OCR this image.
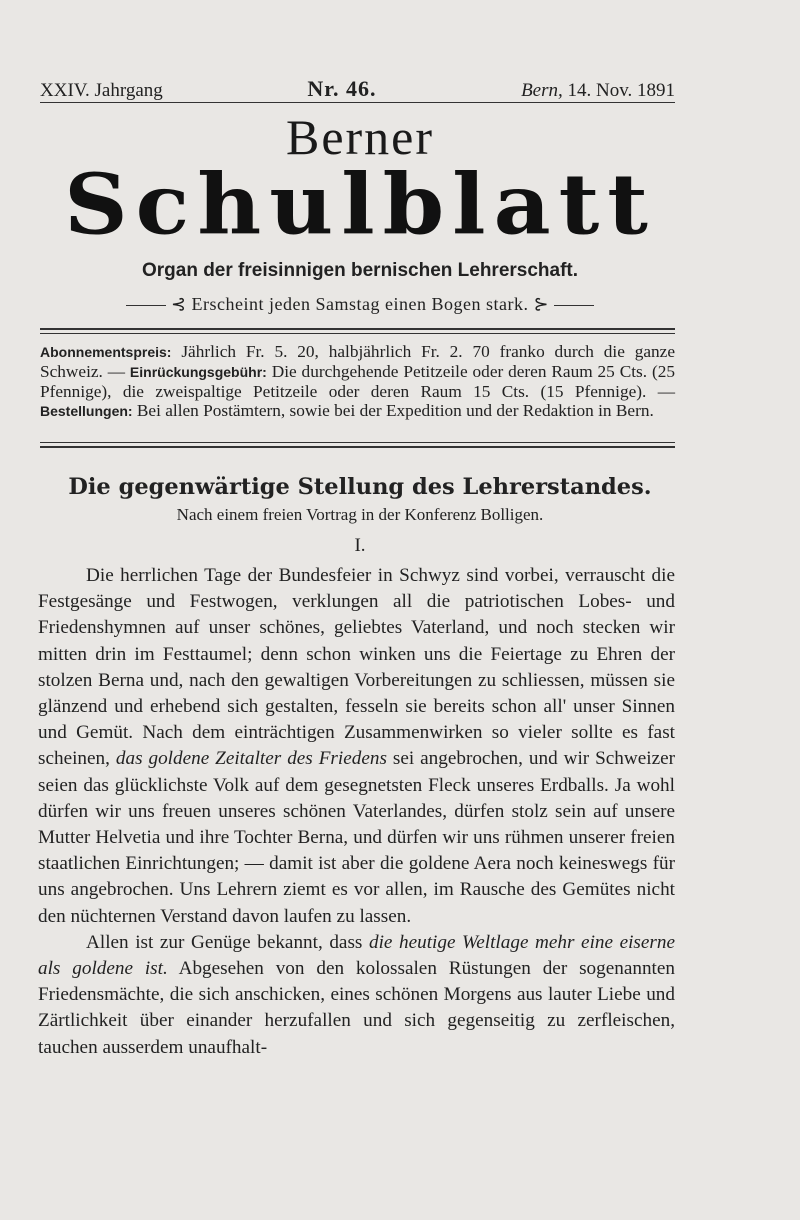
XXIV. Jahrgang	Nr. 46.	Bern, 14. Nov. 1891
Berner
Schulblatt
Organ der freisinnigen bernischen Lehrerschaft.
⊰ Erscheint jeden Samstag einen Bogen stark. ⊱
Abonnementspreis: Jährlich Fr. 5. 20, halbjährlich Fr. 2. 70 franko durch die ganze Schweiz. — Einrückungsgebühr: Die durchgehende Petitzeile oder deren Raum 25 Cts. (25 Pfennige), die zweispaltige Petitzeile oder deren Raum 15 Cts. (15 Pfennige). — Bestellungen: Bei allen Postämtern, sowie bei der Expedition und der Redaktion in Bern.
Die gegenwärtige Stellung des Lehrerstandes.
Nach einem freien Vortrag in der Konferenz Bolligen.
I.

Die herrlichen Tage der Bundesfeier in Schwyz sind vorbei, verrauscht die Festgesänge und Festwogen, verklungen all die patriotischen Lobes- und Friedenshymnen auf unser schönes, geliebtes Vaterland, und noch stecken wir mitten drin im Festtaumel; denn schon winken uns die Feiertage zu Ehren der stolzen Berna und, nach den gewaltigen Vorbereitungen zu schliessen, müssen sie glänzend und erhebend sich gestalten, fesseln sie bereits schon all' unser Sinnen und Gemüt. Nach dem einträchtigen Zusammenwirken so vieler sollte es fast scheinen, das goldene Zeitalter des Friedens sei angebrochen, und wir Schweizer seien das glücklichste Volk auf dem gesegnetsten Fleck unseres Erdballs. Ja wohl dürfen wir uns freuen unseres schönen Vaterlandes, dürfen stolz sein auf unsere Mutter Helvetia und ihre Tochter Berna, und dürfen wir uns rühmen unserer freien staatlichen Einrichtungen; — damit ist aber die goldene Aera noch keineswegs für uns angebrochen. Uns Lehrern ziemt es vor allen, im Rausche des Gemütes nicht den nüchternen Verstand davon laufen zu lassen.

Allen ist zur Genüge bekannt, dass die heutige Weltlage mehr eine eiserne als goldene ist. Abgesehen von den kolossalen Rüstungen der sogenannten Friedensmächte, die sich anschicken, eines schönen Morgens aus lauter Liebe und Zärtlichkeit über einander herzufallen und sich gegenseitig zu zerfleischen, tauchen ausserdem unaufhalt-
